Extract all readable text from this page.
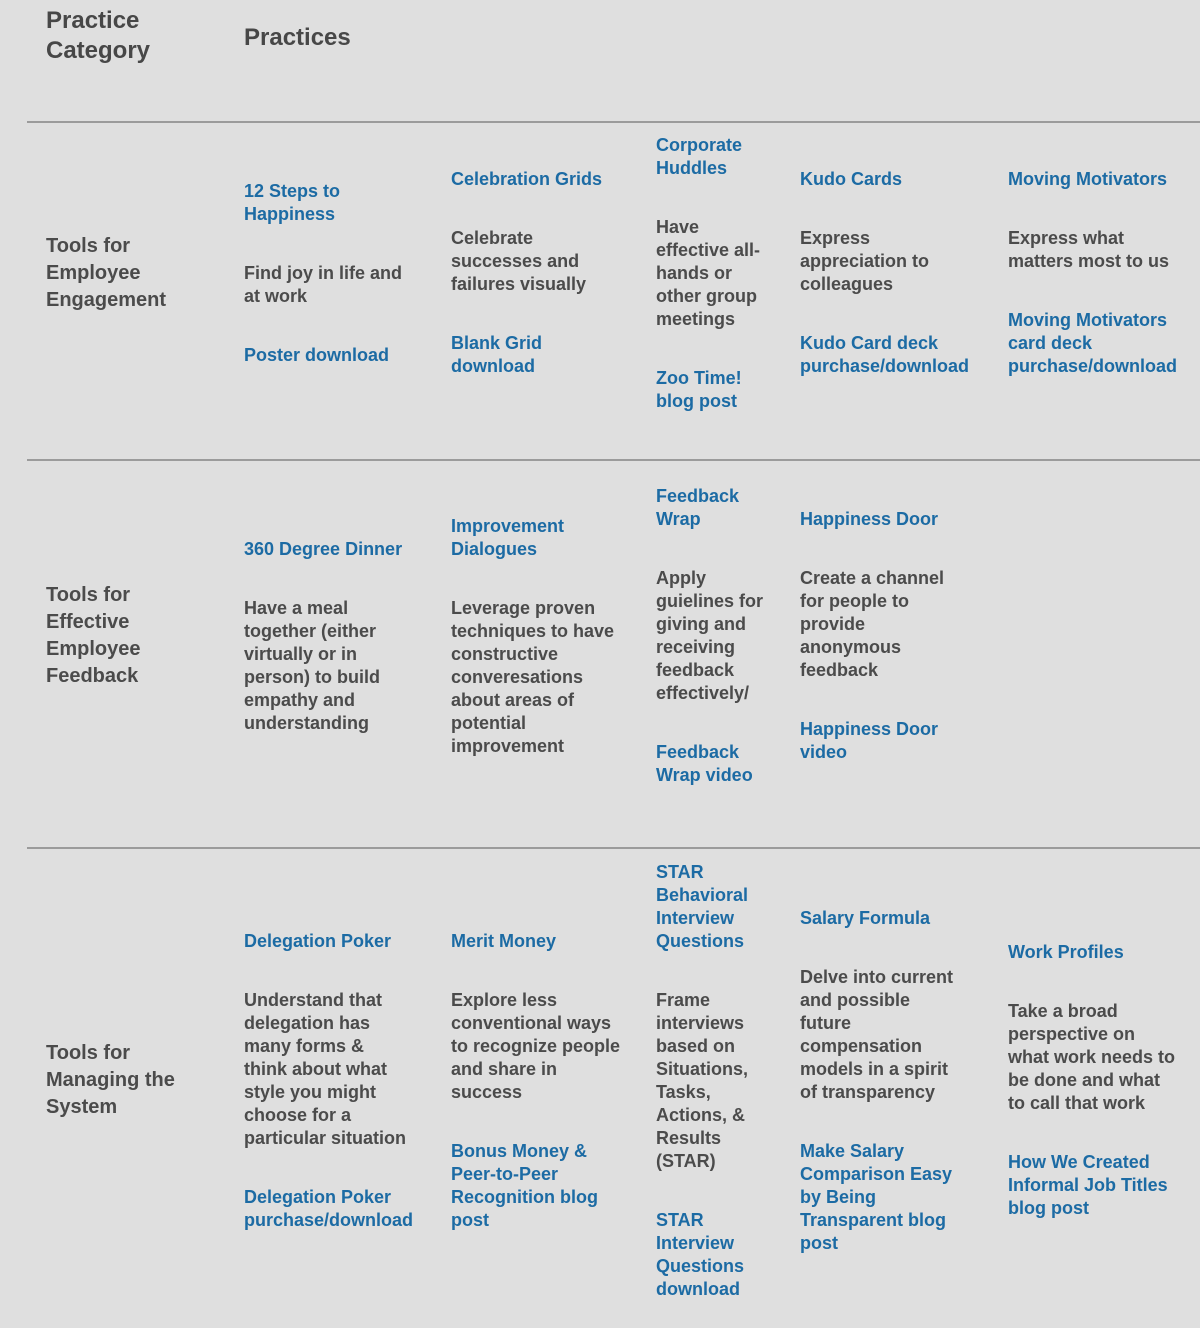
Practice Category	Practices
Tools for Employee Engagement
12 Steps to Happiness
Find joy in life and at work
Poster download
Celebration Grids
Celebrate successes and failures visually
Blank Grid download
Corporate Huddles
Have effective all-hands or other group meetings
Zoo Time! blog post
Kudo Cards
Express appreciation to colleagues
Kudo Card deck purchase/download
Moving Motivators
Express what matters most to us
Moving Motivators card deck purchase/download
Tools for Effective Employee Feedback
360 Degree Dinner
Have a meal together (either virtually or in person) to build empathy and understanding
Improvement Dialogues
Leverage proven techniques to have constructive converesations about areas of potential improvement
Feedback Wrap
Apply guielines for giving and receiving feedback effectively/
Feedback Wrap video
Happiness Door
Create a channel for people to provide anonymous feedback
Happiness Door video
Tools for Managing the System
Delegation Poker
Understand that delegation has many forms & think about what style you might choose for a particular situation
Delegation Poker purchase/download
Merit Money
Explore less conventional ways to recognize people and share in success
Bonus Money & Peer-to-Peer Recognition blog post
STAR Behavioral Interview Questions
Frame interviews based on Situations, Tasks, Actions, & Results (STAR)
STAR Interview Questions download
Salary Formula
Delve into current and possible future compensation models in a spirit of transparency
Make Salary Comparison Easy by Being Transparent blog post
Work Profiles
Take a broad perspective on what work needs to be done and what to call that work
How We Created Informal Job Titles blog post
